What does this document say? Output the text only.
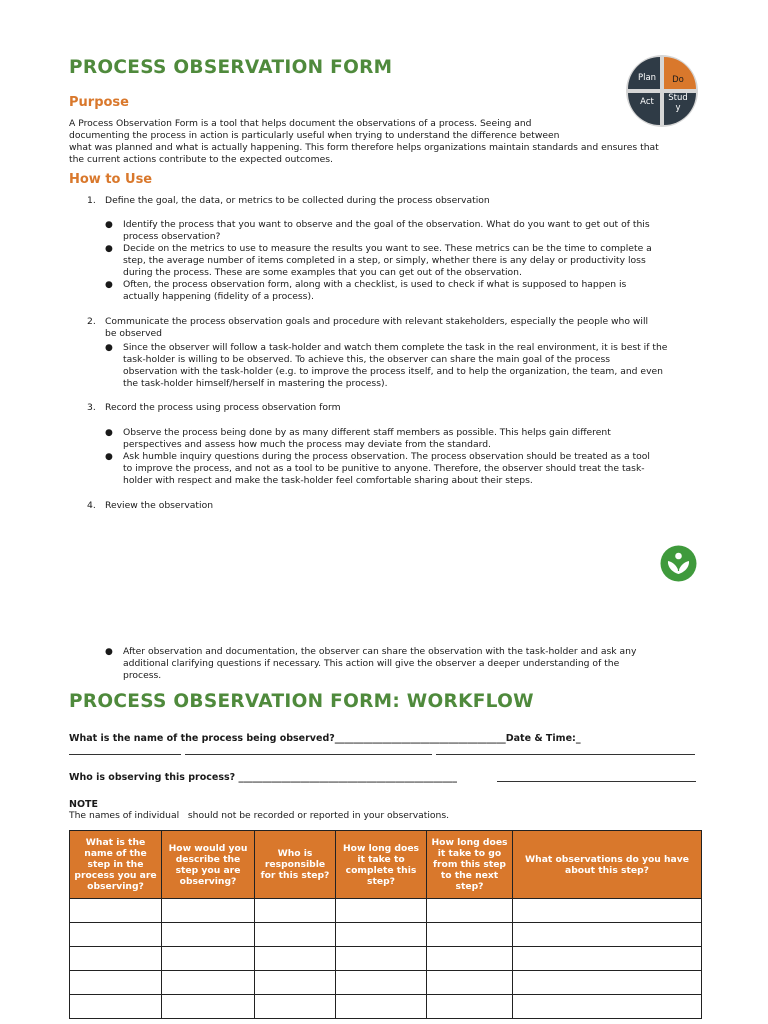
PROCESS OBSERVATION FORM	Plan Do
Act Stud
y
Purpose
A Process Observation Form is a tool that helps document the observations of a process. Seeing and
documenting the process in action is particularly useful when trying to understand the difference between
what was planned and what is actually happening. This form therefore helps organizations maintain standards and ensures that
the current actions contribute to the expected outcomes.
How to Use
1. Define the goal, the data, or metrics to be collected during the process observation
● Identify the process that you want to observe and the goal of the observation. What do you want to get out of this
process observation?
● Decide on the metrics to use to measure the results you want to see. These metrics can be the time to complete a
step, the average number of items completed in a step, or simply, whether there is any delay or productivity loss
during the process. These are some examples that you can get out of the observation.
● Often, the process observation form, along with a checklist, is used to check if what is supposed to happen is
actually happening (fidelity of a process).
2. Communicate the process observation goals and procedure with relevant stakeholders, especially the people who will
be observed
● Since the observer will follow a task-holder and watch them complete the task in the real environment, it is best if the
task-holder is willing to be observed. To achieve this, the observer can share the main goal of the process
observation with the task-holder (e.g. to improve the process itself, and to help the organization, the team, and even
the task-holder himself/herself in mastering the process).
3. Record the process using process observation form
● Observe the process being done by as many different staff members as possible. This helps gain different
perspectives and assess how much the process may deviate from the standard.
● Ask humble inquiry questions during the process observation. The process observation should be treated as a tool
to improve the process, and not as a tool to be punitive to anyone. Therefore, the observer should treat the task-
holder with respect and make the task-holder feel comfortable sharing about their steps.
4. Review the observation
● After observation and documentation, the observer can share the observation with the task-holder and ask any
additional clarifying questions if necessary. This action will give the observer a deeper understanding of the
process.
PROCESS OBSERVATION FORM: WORKFLOW
What is the name of the process being observed?____________________________________Date & Time:_
Who is observing this process? ______________________________________________
NOTE
The names of individual   should not be recorded or reported in your observations.
What is the name of the step in the process you are observing?	How would you describe the step you are observing?	Who is responsible for this step?	How long does it take to complete this step?	How long does it take to go from this step to the next step?	What observations do you have about this step?
